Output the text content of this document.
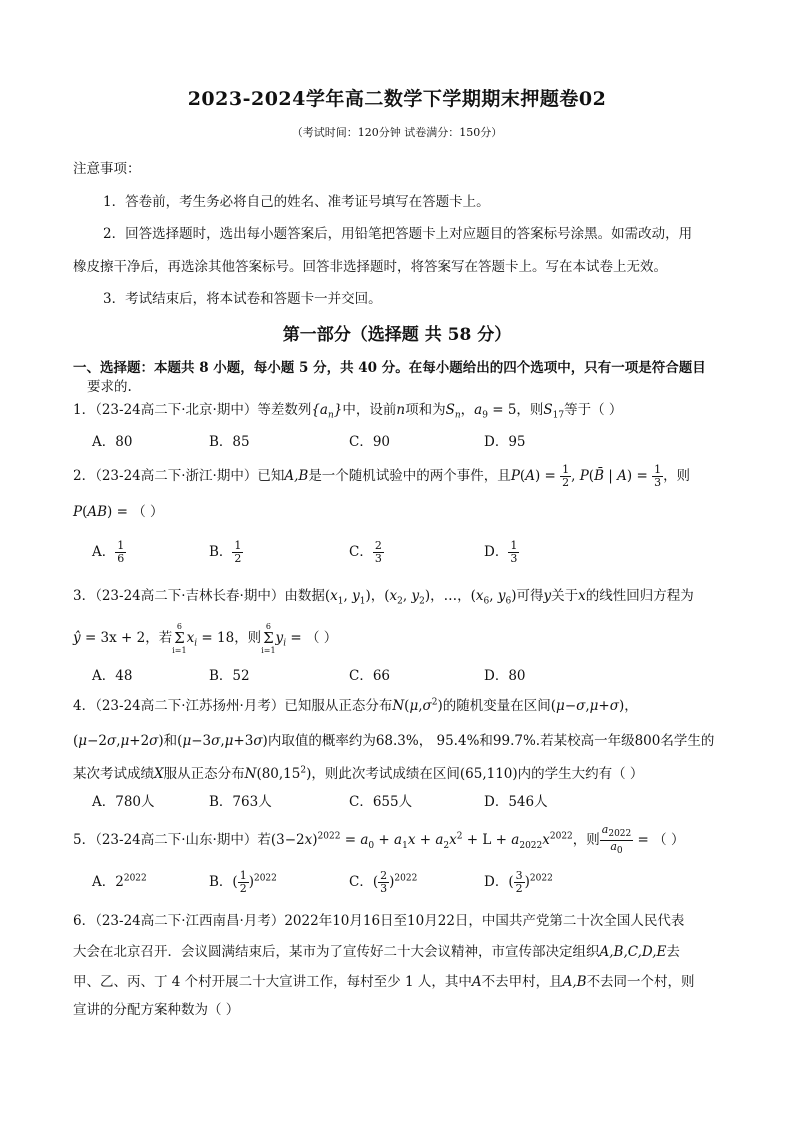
2023-2024学年高二数学下学期期末押题卷02
（考试时间：120分钟 试卷满分：150分）
注意事项：
1．答卷前，考生务必将自己的姓名、准考证号填写在答题卡上。
2．回答选择题时，选出每小题答案后，用铅笔把答题卡上对应题目的答案标号涂黑。如需改动，用
橡皮擦干净后，再选涂其他答案标号。回答非选择题时，将答案写在答题卡上。写在本试卷上无效。
3．考试结束后，将本试卷和答题卡一并交回。
第一部分（选择题 共 58 分）
一、选择题：本题共 8 小题，每小题 5 分，共 40 分。在每小题给出的四个选项中，只有一项是符合题目
要求的.
1．（23-24高二下·北京·期中）等差数列$\{a_n\}$中，设前n项和为$S_n$，$a_9 = 5$，则$S_{17}$等于（ ）
A．80	B．85	C．90	D．95
2．（23-24高二下·浙江·期中）已知A,B是一个随机试验中的两个事件，且$P(A) = \frac{1}{2}$ , P(B̄ | $A) = \frac{1}{3}$ ，则
P(AB) = （ ）
A． $\frac{1}{6}$	B． $\frac{1}{2}$	C． $\frac{2}{3}$	D． $\frac{1}{3}$
3．（23-24高二下·吉林长春·期中）由数据($x_1$, $y_1$)，($x_2$, $y_2$)，…，($x_6$, $y_6$)可得y关于x的线性回归方程为
ŷ = 3x + 2，若6
Σ
$i=1x_i = 18$，则6
Σ
$i=1y_i$ = （ ）
A．48	B．52	C．66	D．80
4．（23-24高二下·江苏扬州·月考）已知服从正态分布$N(\mu,\sigma^2)$的随机变量在区间(μ−σ,μ+σ)，
(μ−2σ,μ+2σ)和(μ−3σ,μ+3σ)内取值的概率约为68.3%， 95.4%和99.7%.若某校高一年级800名学生的
某次考试成绩X服从正态分布N(80,15$^2$)，则此次考试成绩在区间(65,110)内的学生大约有（ ）
A．780人	B．763人	C．655人	D．546人
5．（23-24高二下·山东·期中）若$(3-2x)^{2022} = a_0 + a_1x + a_2x^2 + L + a_{2022}x^{2022}$，则 $\frac{a_{2022}}{a_0}$ = （ ）
A．$2^{2022}$	B．( $\frac{1}{2} )^{2022}$	C．( $\frac{2}{3} )^{2022}$	D．( $\frac{3}{2} )^{2022}$
6．（23-24高二下·江西南昌·月考）2022年10月16日至10月22日，中国共产党第二十次全国人民代表
大会在北京召开．会议圆满结束后，某市为了宣传好二十大会议精神，市宣传部决定组织A,B,C,D,E去
甲、乙、丙、丁 4 个村开展二十大宣讲工作，每村至少 1 人，其中A不去甲村，且A,B不去同一个村，则
宣讲的分配方案种数为（ ）
